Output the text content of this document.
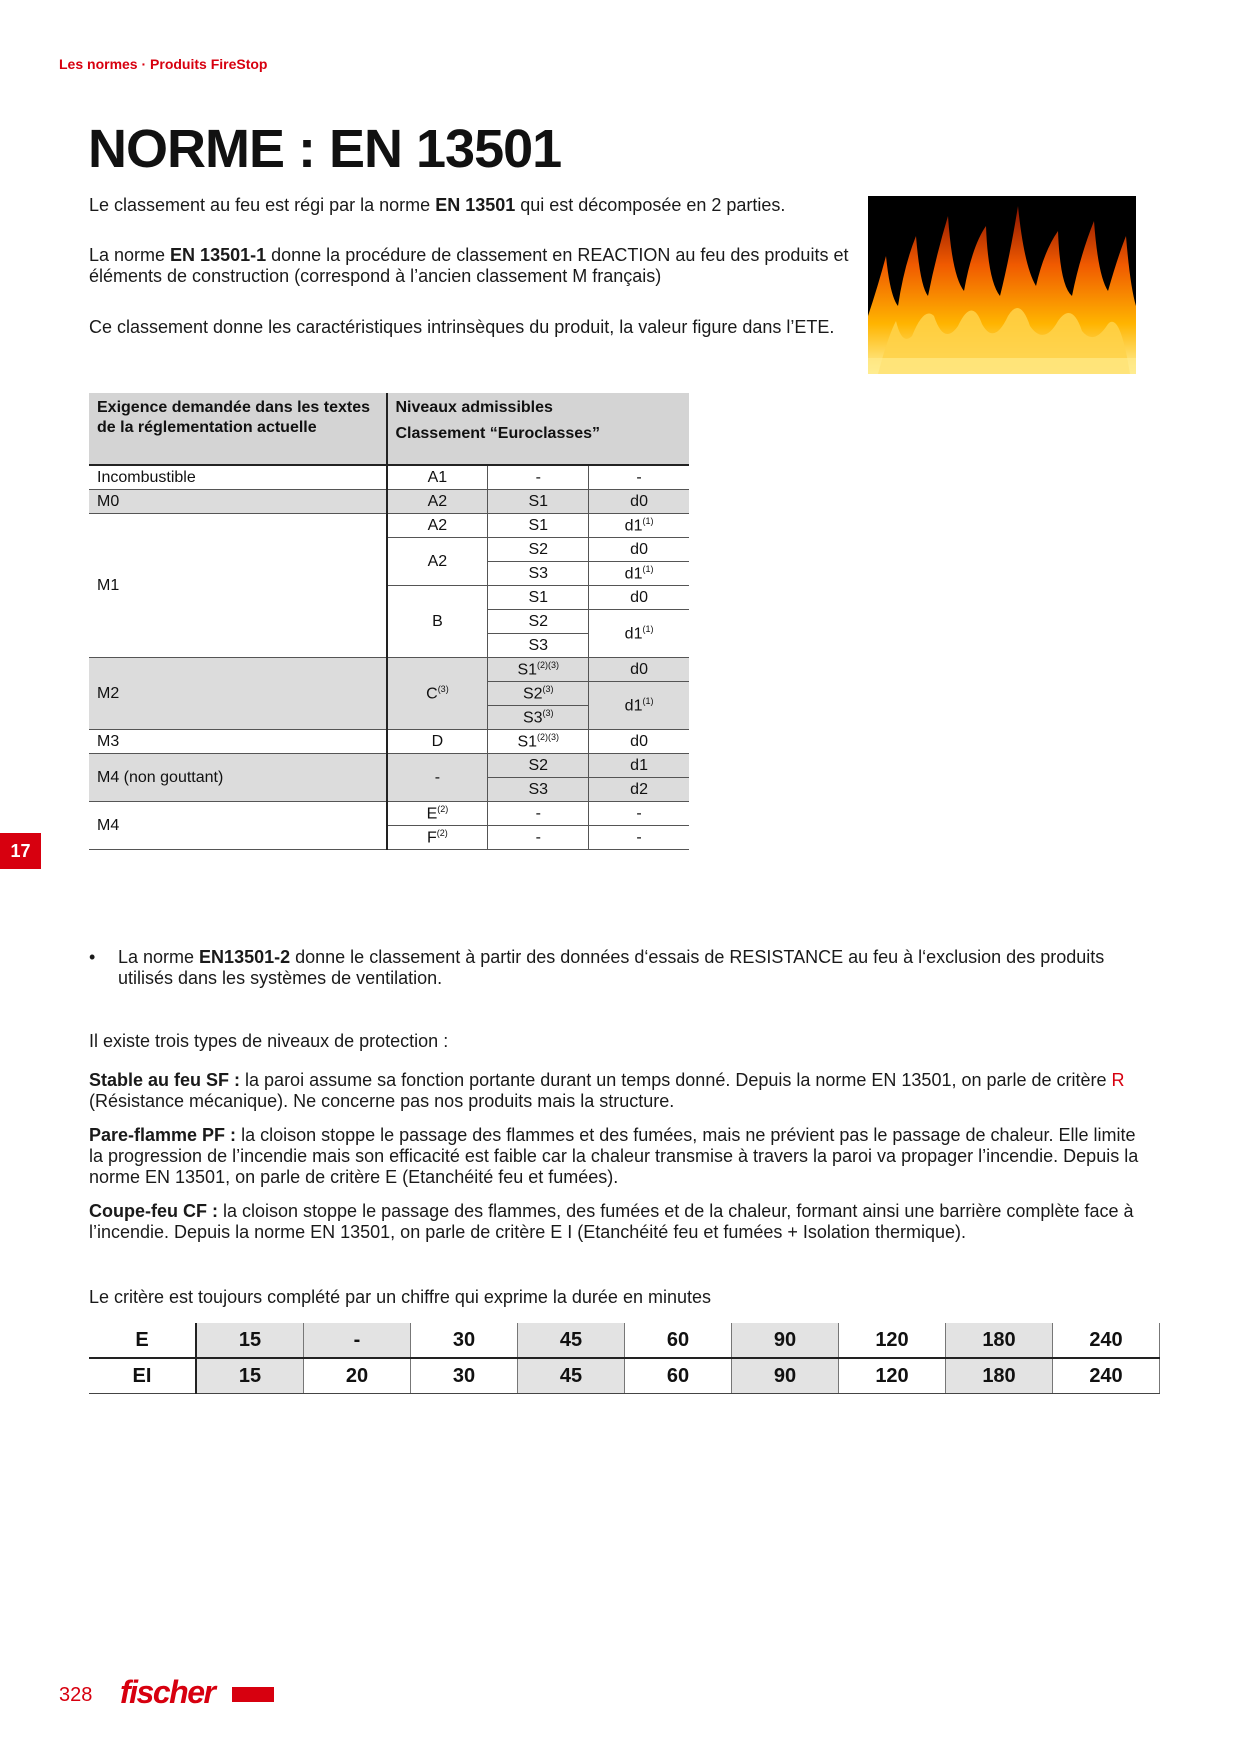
Les normes · Produits FireStop
NORME : EN 13501
Le classement au feu est régi par la norme EN 13501 qui est décomposée en 2 parties.
La norme EN 13501-1 donne la procédure de classement en REACTION au feu des produits et éléments de construction (correspond à l’ancien classement M français)
Ce classement donne les caractéristiques intrinsèques du produit, la valeur figure dans l’ETE.
17
Exigence demandée dans les textes de la réglementation actuelle	Niveaux admissibles
Classement “Euroclasses”		
Incombustible	A1	-	-
M0	A2	S1	d0
M1	A2	S1	d1$^{(1)}$
	A2	S2	d0
		S3	d1$^{(1)}$
	B	S1	d0
		S2	d1$^{(1)}$
		S3	
M2	$C^{(3)}$	$S1^{(2)(3)}$	d0
		S2$^{(3)}$	d1$^{(1)}$
		S3$^{(3)}$
M3	D	$S1^{(2)(3)}$	d0
M4 (non gouttant)	-	S2	d1
		S3	d2
M4	$E^{(2)}$	-	-
	$F^{(2)}$	-	-
• La norme EN13501-2 donne le classement à partir des données d‘essais de RESISTANCE au feu à l‘exclusion des produits utilisés dans les systèmes de ventilation.
Il existe trois types de niveaux de protection :
Stable au feu SF : la paroi assume sa fonction portante durant un temps donné. Depuis la norme EN 13501, on parle de critère R (Résistance mécanique). Ne concerne pas nos produits mais la structure.
Pare-flamme PF : la cloison stoppe le passage des flammes et des fumées, mais ne prévient pas le passage de chaleur. Elle limite la progression de l’incendie mais son efficacité est faible car la chaleur transmise à travers la paroi va propager l’incendie. Depuis la norme EN 13501, on parle de critère E (Etanchéité feu et fumées).
Coupe-feu CF : la cloison stoppe le passage des flammes, des fumées et de la chaleur, formant ainsi une barrière complète face à l’incendie. Depuis la norme EN 13501, on parle de critère E I (Etanchéité feu et fumées + Isolation thermique).
Le critère est toujours complété par un chiffre qui exprime la durée en minutes
E	15	-	30	45	60	90	120	180	240
EI	15	20	30	45	60	90	120	180	240
328 fischer
